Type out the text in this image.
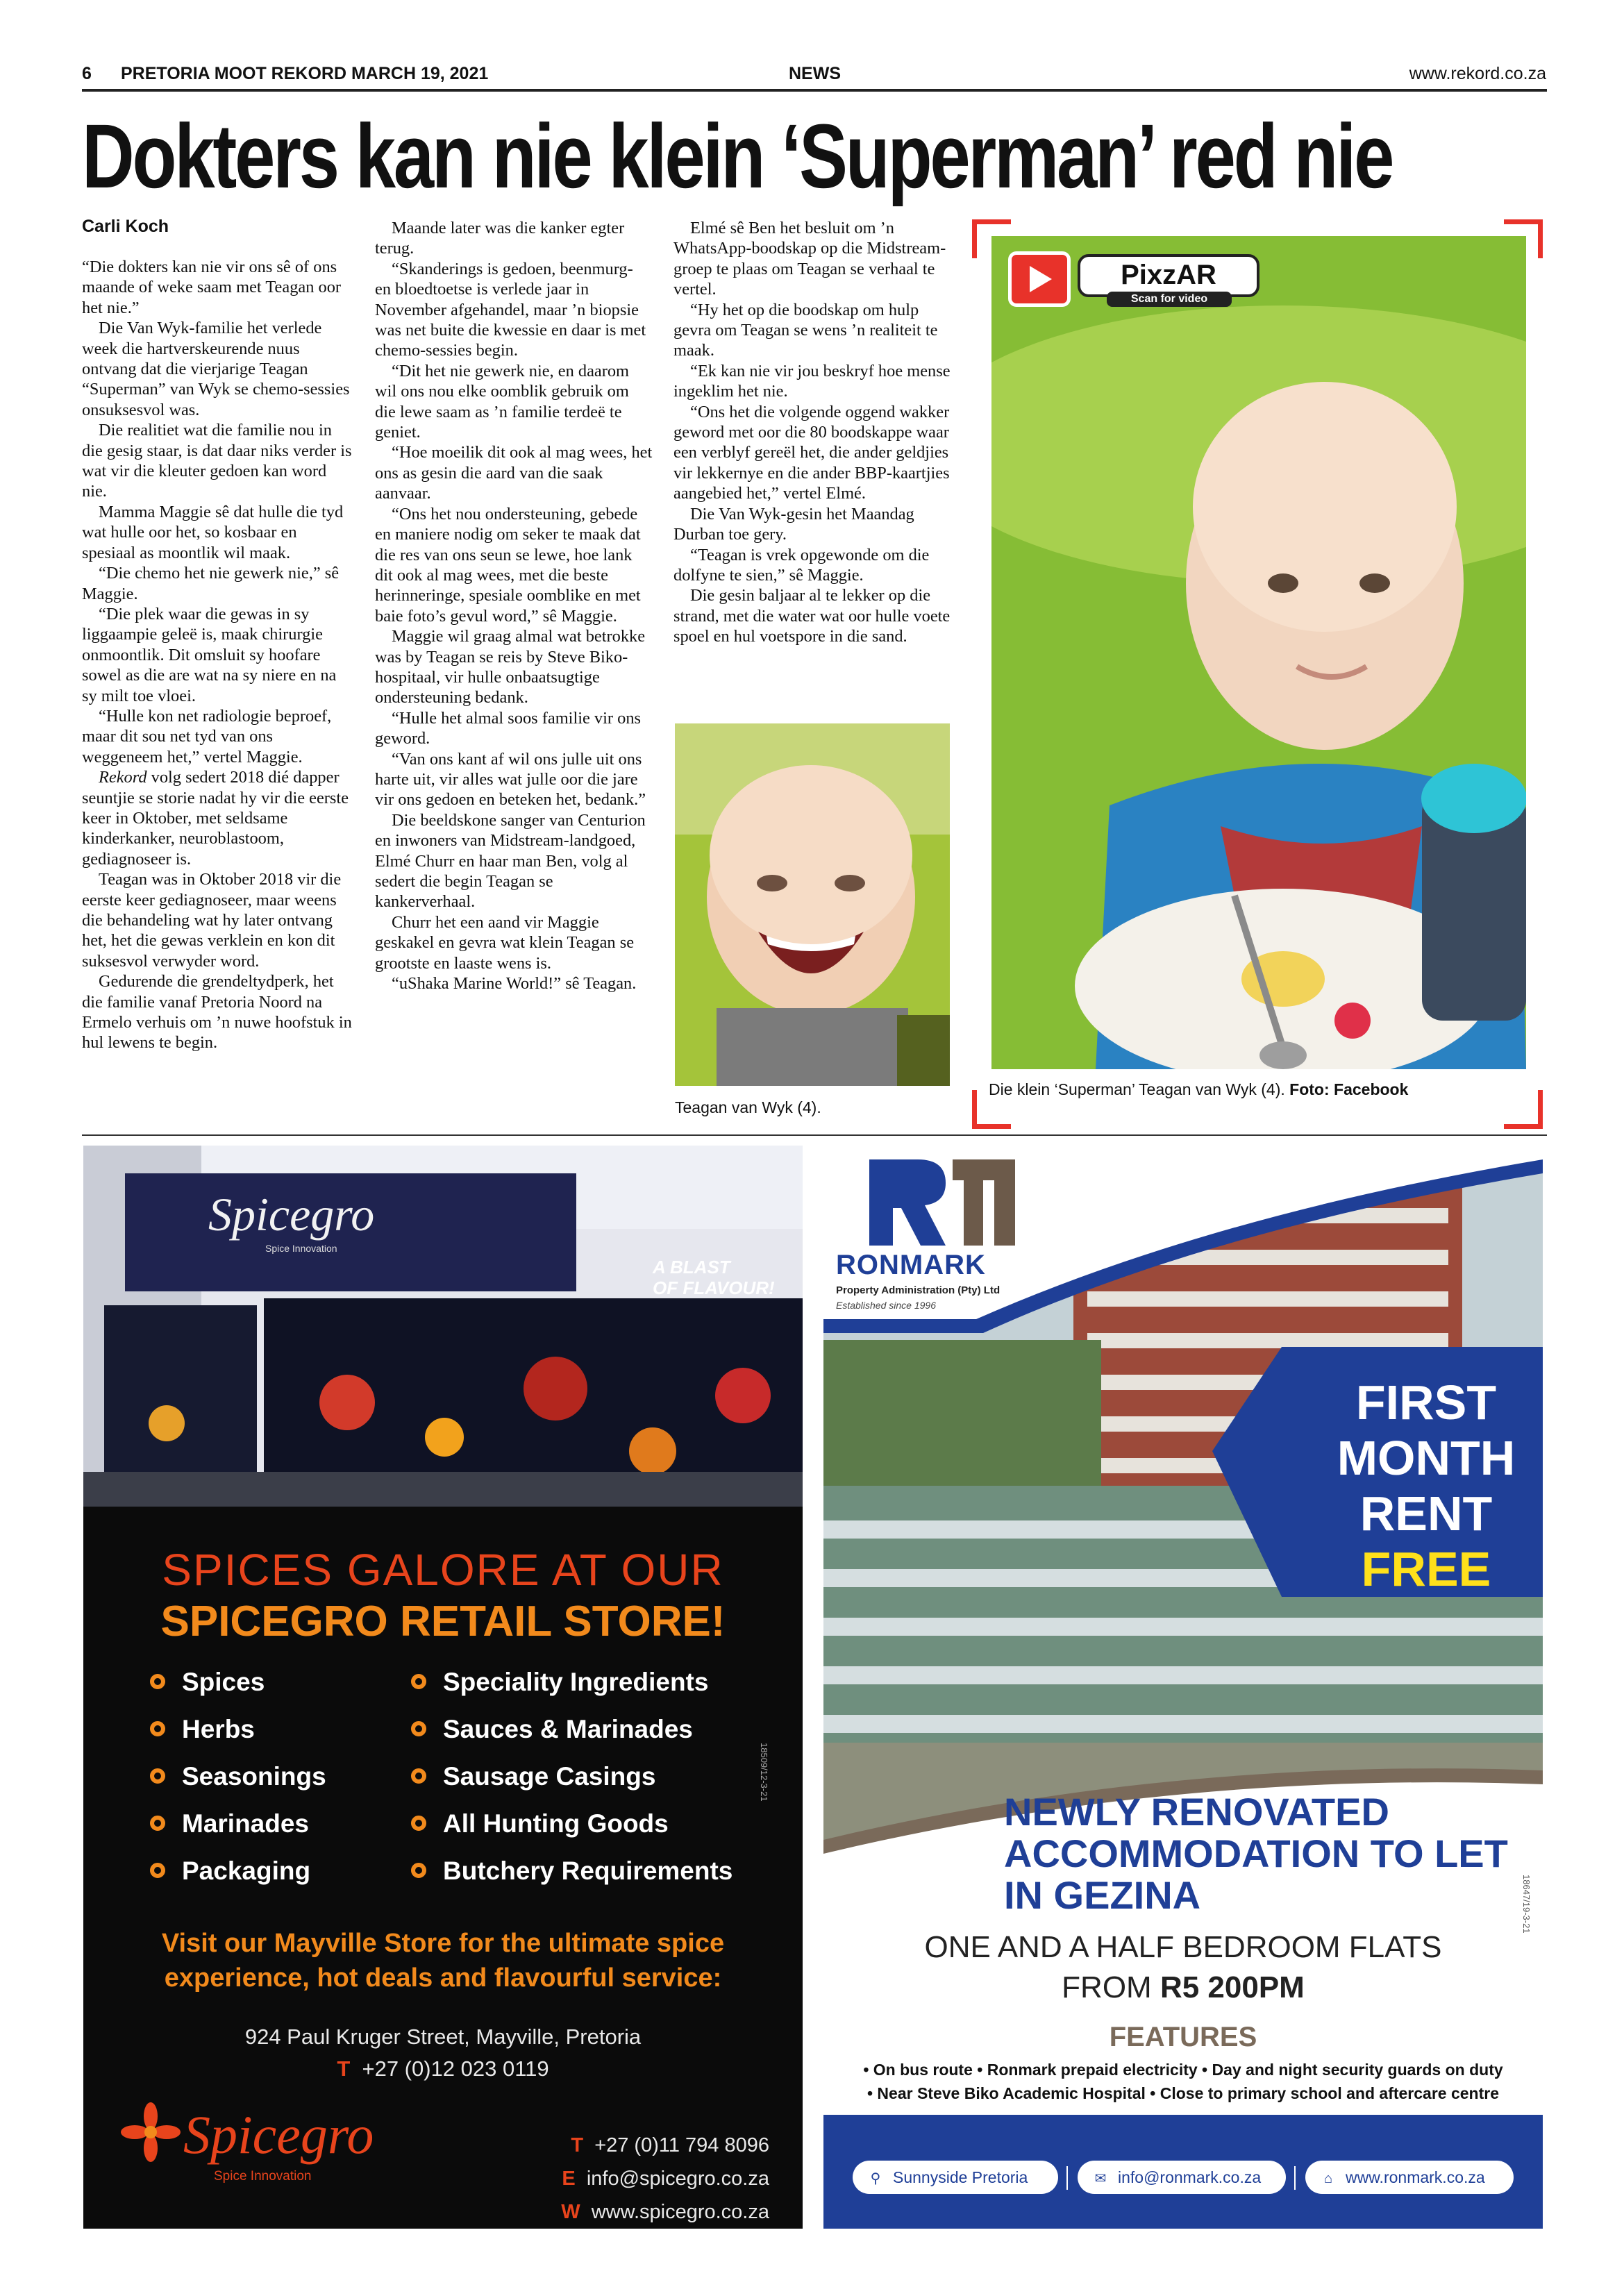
6 PRETORIA MOOT REKORD MARCH 19, 2021	NEWS	www.rekord.co.za
Dokters kan nie klein ‘Superman’ red nie
Carli Koch

“Die dokters kan nie vir ons sê of ons maande of weke saam met Teagan oor het nie.”

Die Van Wyk-familie het verlede week die hartverskeurende nuus ontvang dat die vierjarige Teagan “Superman” van Wyk se chemo-sessies onsuksesvol was.

Die realitiet wat die familie nou in die gesig staar, is dat daar niks verder is wat vir die kleuter gedoen kan word nie.

Mamma Maggie sê dat hulle die tyd wat hulle oor het, so kosbaar en spesiaal as moontlik wil maak.

“Die chemo het nie gewerk nie,” sê Maggie.

“Die plek waar die gewas in sy liggaampie geleë is, maak chirurgie onmoontlik. Dit omsluit sy hoofare sowel as die are wat na sy niere en na sy milt toe vloei.

“Hulle kon net radiologie beproef, maar dit sou net tyd van ons weggeneem het,” vertel Maggie.

Rekord volg sedert 2018 dié dapper seuntjie se storie nadat hy vir die eerste keer in Oktober, met seldsame kinderkanker, neuroblastoom, gediagnoseer is.

Teagan was in Oktober 2018 vir die eerste keer gediagnoseer, maar weens die behandeling wat hy later ontvang het, het die gewas verklein en kon dit suksesvol verwyder word.

Gedurende die grendeltydperk, het die familie vanaf Pretoria Noord na Ermelo verhuis om ’n nuwe hoofstuk in hul lewens te begin.

Maande later was die kanker egter terug.

“Skanderings is gedoen, beenmurg- en bloedtoetse is verlede jaar in November afgehandel, maar ’n biopsie was net buite die kwessie en daar is met chemo-sessies begin.

“Dit het nie gewerk nie, en daarom wil ons nou elke oomblik gebruik om die lewe saam as ’n familie terdeë te geniet.

“Hoe moeilik dit ook al mag wees, het ons as gesin die aard van die saak aanvaar.

“Ons het nou ondersteuning, gebede en maniere nodig om seker te maak dat die res van ons seun se lewe, hoe lank dit ook al mag wees, met die beste herinneringe, spesiale oomblike en met baie foto’s gevul word,” sê Maggie.

Maggie wil graag almal wat betrokke was by Teagan se reis by Steve Biko-hospitaal, vir hulle onbaatsugtige ondersteuning bedank.

“Hulle het almal soos familie vir ons geword.

“Van ons kant af wil ons julle uit ons harte uit, vir alles wat julle oor die jare vir ons gedoen en beteken het, bedank.”

Die beeldskone sanger van Centurion en inwoners van Midstream-landgoed, Elmé Churr en haar man Ben, volg al sedert die begin Teagan se kankerverhaal.

Churr het een aand vir Maggie geskakel en gevra wat klein Teagan se grootste en laaste wens is.

“uShaka Marine World!” sê Teagan.

Elmé sê Ben het besluit om ’n WhatsApp-boodskap op die Midstream-groep te plaas om Teagan se verhaal te vertel.

“Hy het op die boodskap om hulp gevra om Teagan se wens ’n realiteit te maak.

“Ek kan nie vir jou beskryf hoe mense ingeklim het nie.

“Ons het die volgende oggend wakker geword met oor die 80 boodskappe waar een verblyf gereël het, die ander geldjies vir lekkernye en die ander BBP-kaartjies aangebied het,” vertel Elmé.

Die Van Wyk-gesin het Maandag Durban toe gery.

“Teagan is vrek opgewonde om die dolfyne te sien,” sê Maggie.

Die gesin baljaar al te lekker op die strand, met die water wat oor hulle voete spoel en hul voetspore in die sand.

Teagan van Wyk (4).
PixzAR
Scan for video
Die klein ‘Superman’ Teagan van Wyk (4). Foto: Facebook
Spicegro
Spice Innovation
A BLAST
OF FLAVOUR!
SPICES GALORE AT OUR
SPICEGRO RETAIL STORE!
Spices
Herbs
Seasonings
Marinades
Packaging
Speciality Ingredients
Sauces & Marinades
Sausage Casings
All Hunting Goods
Butchery Requirements
18509/12-3-21
Visit our Mayville Store for the ultimate spice
experience, hot deals and flavourful service:
924 Paul Kruger Street, Mayville, Pretoria
T +27 (0)12 023 0119
Spicegro
Spice Innovation
T +27 (0)11 794 8096
E info@spicegro.co.za
W www.spicegro.co.za
RONMARK
Property Administration (Pty) Ltd
Established since 1996
FIRST
MONTH
RENT
FREE
NEWLY RENOVATED
ACCOMMODATION TO LET
IN GEZINA	18647/19-3-21
ONE AND A HALF BEDROOM FLATS
FROM R5 200PM
FEATURES
• On bus route • Ronmark prepaid electricity • Day and night security guards on duty
• Near Steve Biko Academic Hospital • Close to primary school and aftercare centre
⚲ Sunnyside Pretoria	✉ info@ronmark.co.za	⌂ www.ronmark.co.za
